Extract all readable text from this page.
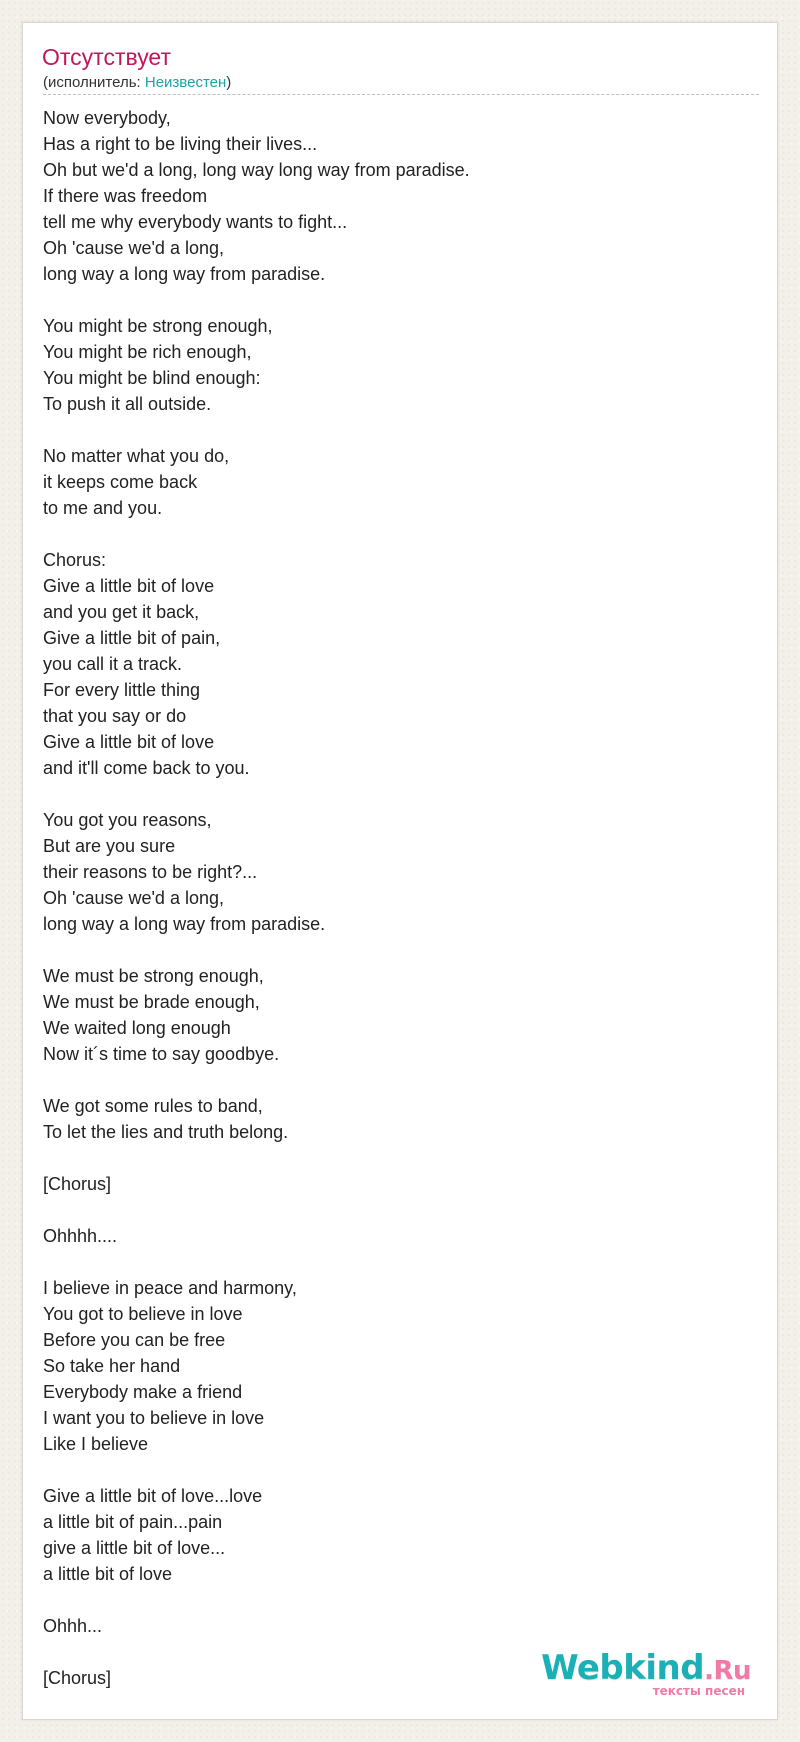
Отсутствует
(исполнитель: Неизвестен)
Now everybody,
Has a right to be living their lives...
Oh but we'd a long, long way long way from paradise.
If there was freedom
tell me why everybody wants to fight...
Oh 'cause we'd a long,
long way a long way from paradise.

You might be strong enough,
You might be rich enough,
You might be blind enough:
To push it all outside.

No matter what you do,
it keeps come back
to me and you.

Chorus:
Give a little bit of love
and you get it back,
Give a little bit of pain,
you call it a track.
For every little thing
that you say or do
Give a little bit of love
and it'll come back to you.

You got you reasons,
But are you sure
their reasons to be right?...
Oh 'cause we'd a long,
long way a long way from paradise.

We must be strong enough,
We must be brade enough,
We waited long enough
Now it´s time to say goodbye.

We got some rules to band,
To let the lies and truth belong.

[Chorus]

Ohhhh....

I believe in peace and harmony,
You got to believe in love
Before you can be free
So take her hand
Everybody make a friend
I want you to believe in love
Like I believe

Give a little bit of love...love
a little bit of pain...pain
give a little bit of love...
a little bit of love

Ohhh...

[Chorus]	Webkind.Ru
тексты песен
